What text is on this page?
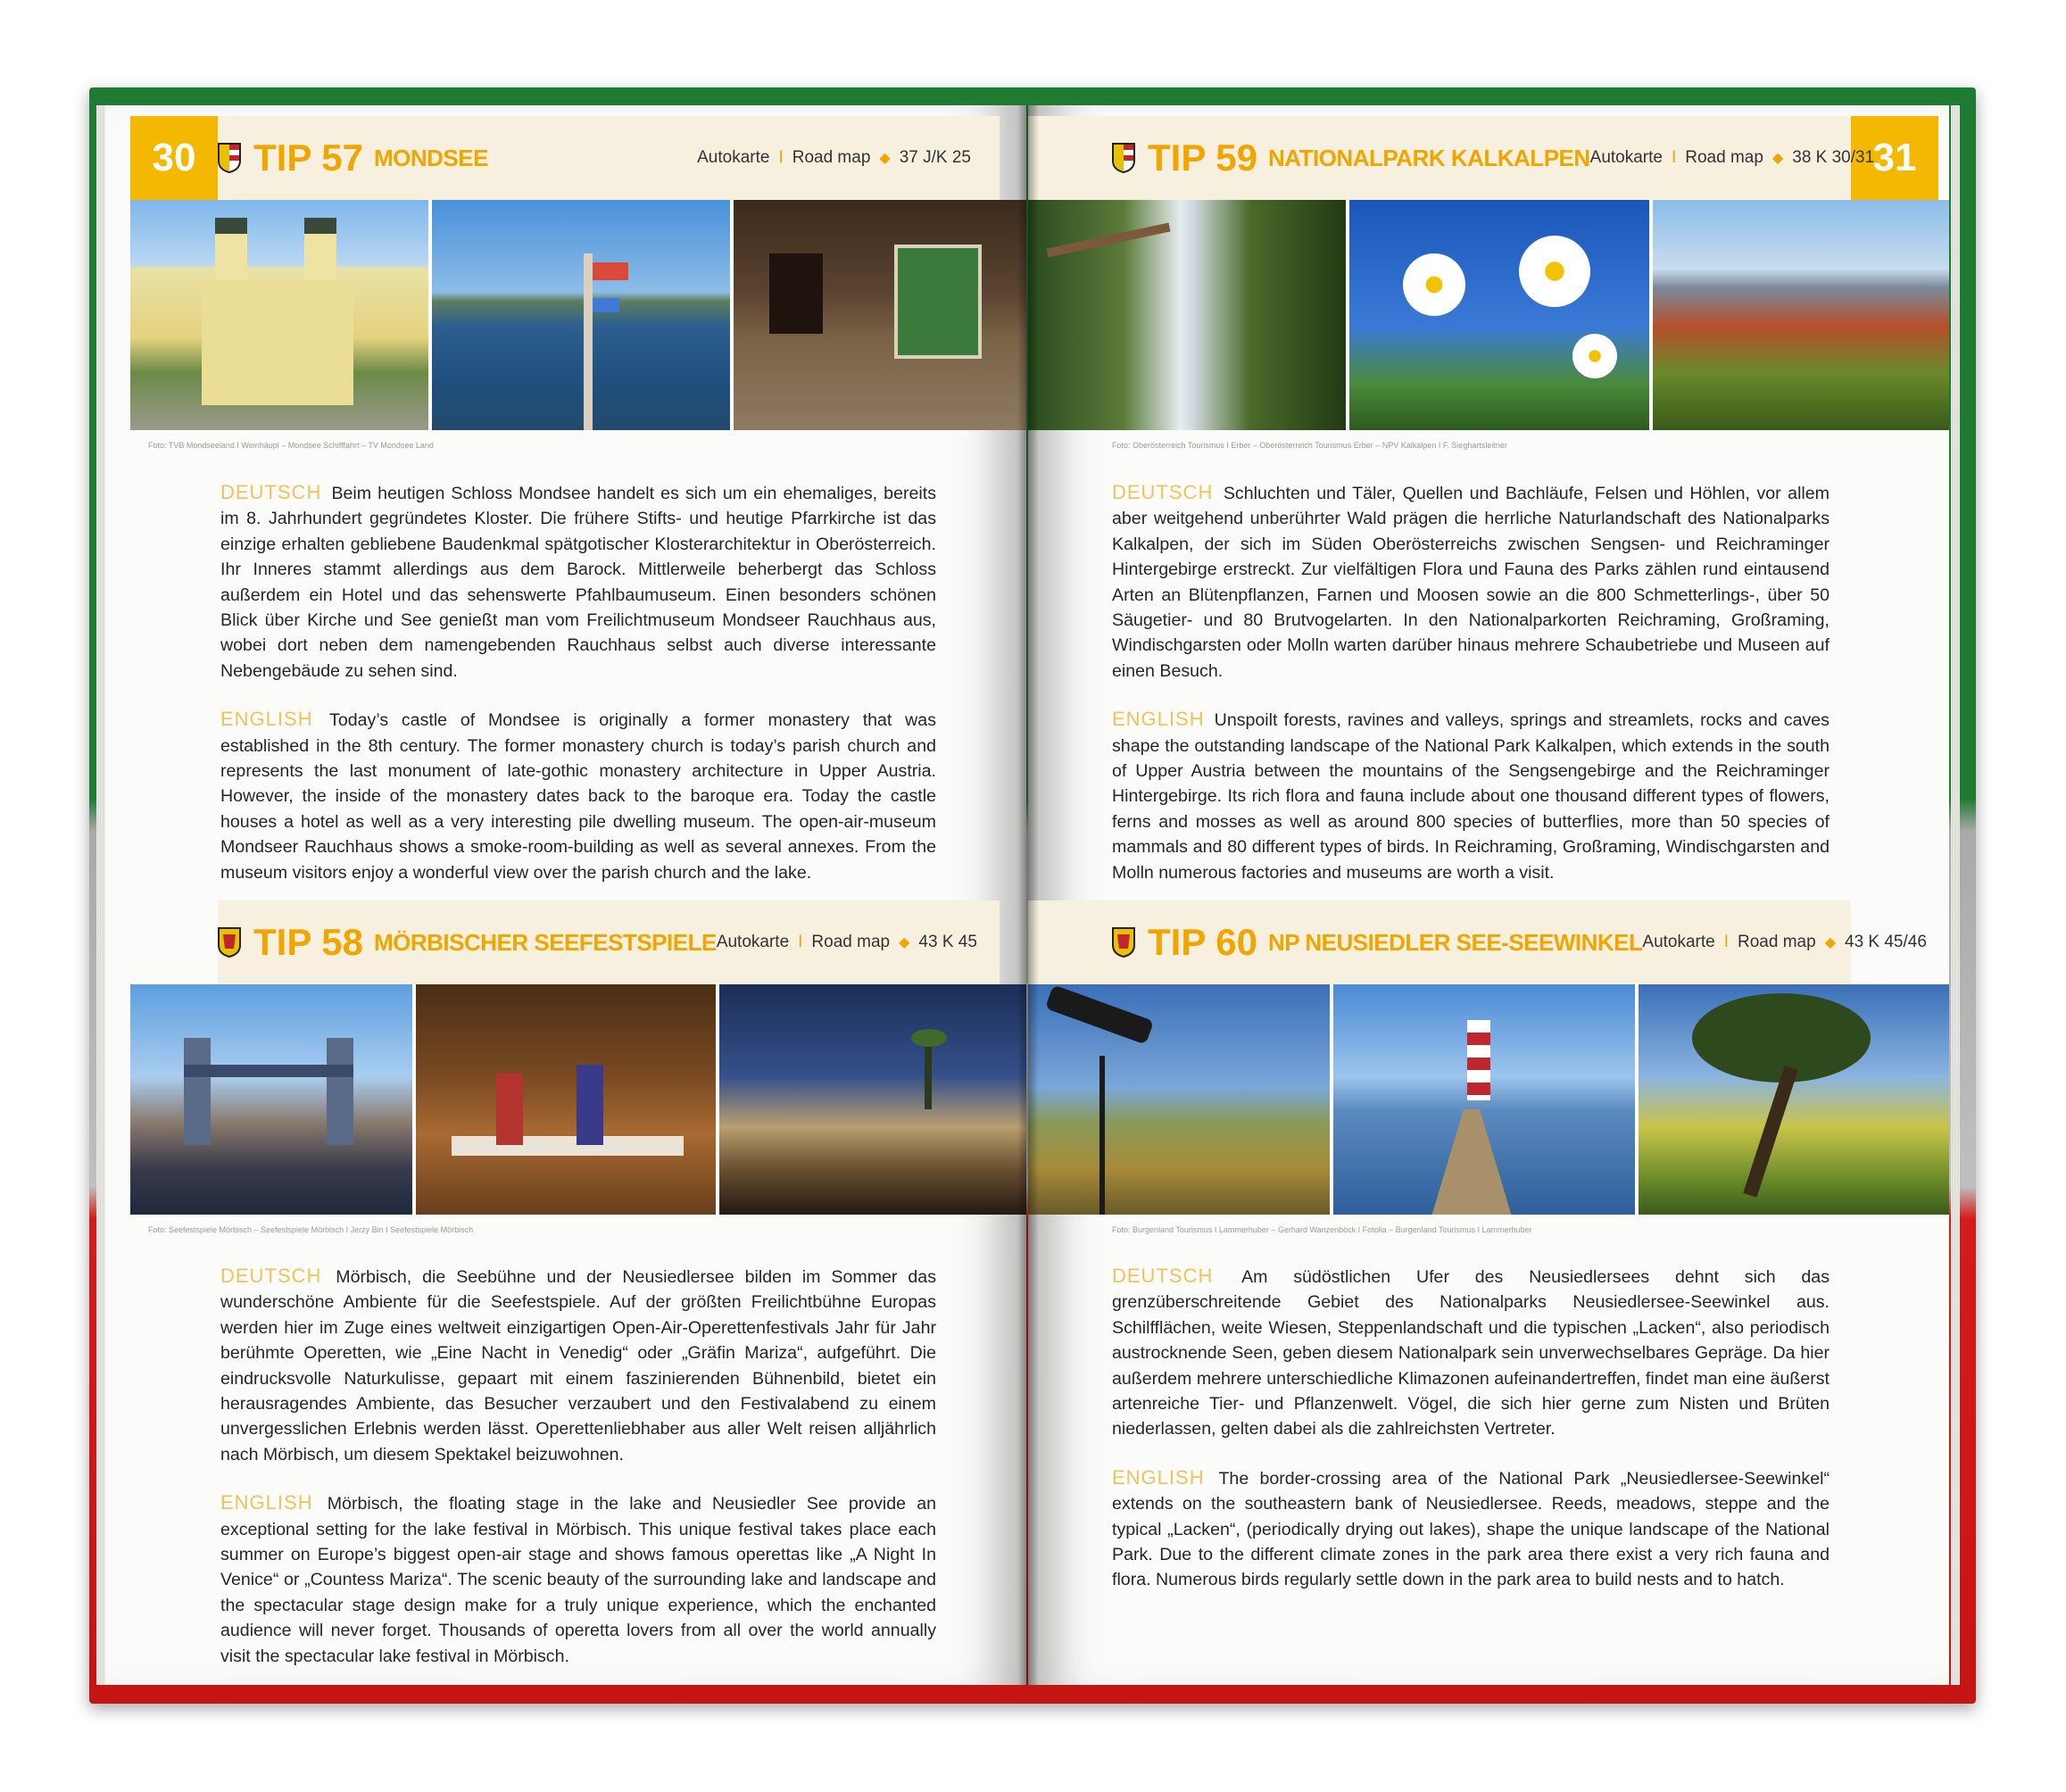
30	TIP 57 MONDSEE	Autokarte I Road map ◆ 37 J/K 25
Foto: TVB Mondseeland I Weinhäupl – Mondsee Schifffahrt – TV Mondsee Land

DEUTSCH Beim heutigen Schloss Mondsee handelt es sich um ein ehemaliges, bereits im 8. Jahrhundert gegründetes Kloster. Die frühere Stifts- und heutige Pfarrkirche ist das einzige erhalten gebliebene Baudenkmal spätgotischer Klosterarchitektur in Oberösterreich. Ihr Inneres stammt allerdings aus dem Barock. Mittlerweile beherbergt das Schloss außerdem ein Hotel und das sehenswerte Pfahlbaumuseum. Einen besonders schönen Blick über Kirche und See genießt man vom Freilichtmuseum Mondseer Rauchhaus aus, wobei dort neben dem namengebenden Rauchhaus selbst auch diverse interessante Nebengebäude zu sehen sind.

ENGLISH Today’s castle of Mondsee is originally a former monastery that was established in the 8th century. The former monastery church is today’s parish church and represents the last monument of late-gothic monastery architecture in Upper Austria. However, the inside of the monastery dates back to the baroque era. Today the castle houses a hotel as well as a very interesting pile dwelling museum. The open-air-museum Mondseer Rauchhaus shows a smoke-room-building as well as several annexes. From the museum visitors enjoy a wonderful view over the parish church and the lake.

TIP 58 MÖRBISCHER SEEFESTSPIELE Autokarte I Road map ◆ 43 K 45
Foto: Seefestspiele Mörbisch – Seefestspiele Mörbisch I Jerzy Bin I Seefestspiele Mörbisch

DEUTSCH Mörbisch, die Seebühne und der Neusiedlersee bilden im Sommer das wunderschöne Ambiente für die Seefestspiele. Auf der größten Freilichtbühne Europas werden hier im Zuge eines weltweit einzigartigen Open-Air-Operettenfestivals Jahr für Jahr berühmte Operetten, wie „Eine Nacht in Venedig“ oder „Gräfin Mariza“, aufgeführt. Die eindrucksvolle Naturkulisse, gepaart mit einem faszinierenden Bühnenbild, bietet ein herausragendes Ambiente, das Besucher verzaubert und den Festivalabend zu einem unvergesslichen Erlebnis werden lässt. Operettenliebhaber aus aller Welt reisen alljährlich nach Mörbisch, um diesem Spektakel beizuwohnen.

ENGLISH Mörbisch, the floating stage in the lake and Neusiedler See provide an exceptional setting for the lake festival in Mörbisch. This unique festival takes place each summer on Europe’s biggest open-air stage and shows famous operettas like „A Night In Venice“ or „Countess Mariza“. The scenic beauty of the surrounding lake and landscape and the spectacular stage design make for a truly unique experience, which the enchanted audience will never forget. Thousands of operetta lovers from all over the world annually visit the spectacular lake festival in Mörbisch.

31
TIP 59 NATIONALPARK KALKALPEN Autokarte I Road map ◆ 38 K 30/31
Foto: Oberösterreich Tourismus I Erber – Oberösterreich Tourismus Erber – NPV Kalkalpen I F. Sieghartsleitner

DEUTSCH Schluchten und Täler, Quellen und Bachläufe, Felsen und Höhlen, vor allem aber weitgehend unberührter Wald prägen die herrliche Naturlandschaft des Nationalparks Kalkalpen, der sich im Süden Oberösterreichs zwischen Sengsen- und Reichraminger Hintergebirge erstreckt. Zur vielfältigen Flora und Fauna des Parks zählen rund eintausend Arten an Blütenpflanzen, Farnen und Moosen sowie an die 800 Schmetterlings-, über 50 Säugetier- und 80 Brutvogelarten. In den Nationalparkorten Reichraming, Großraming, Windischgarsten oder Molln warten darüber hinaus mehrere Schaubetriebe und Museen auf einen Besuch.

ENGLISH Unspoilt forests, ravines and valleys, springs and streamlets, rocks and caves shape the outstanding landscape of the National Park Kalkalpen, which extends in the south of Upper Austria between the mountains of the Sengsengebirge and the Reichraminger Hintergebirge. Its rich flora and fauna include about one thousand different types of flowers, ferns and mosses as well as around 800 species of butterflies, more than 50 species of mammals and 80 different types of birds. In Reichraming, Großraming, Windischgarsten and Molln numerous factories and museums are worth a visit.

TIP 60 NP NEUSIEDLER SEE-SEEWINKEL Autokarte I Road map ◆ 43 K 45/46
Foto: Burgenland Tourismus I Lammerhuber – Gerhard Wanzenböck I Fotolia – Burgenland Tourismus I Lammerhuber

DEUTSCH Am südöstlichen Ufer des Neusiedlersees dehnt sich das grenzüberschreitende Gebiet des Nationalparks Neusiedlersee-Seewinkel aus. Schilfflächen, weite Wiesen, Steppenlandschaft und die typischen „Lacken“, also periodisch austrocknende Seen, geben diesem Nationalpark sein unverwechselbares Gepräge. Da hier außerdem mehrere unterschiedliche Klimazonen aufeinandertreffen, findet man eine äußerst artenreiche Tier- und Pflanzenwelt. Vögel, die sich hier gerne zum Nisten und Brüten niederlassen, gelten dabei als die zahlreichsten Vertreter.

ENGLISH The border-crossing area of the National Park „Neusiedlersee-Seewinkel“ extends on the southeastern bank of Neusiedlersee. Reeds, meadows, steppe and the typical „Lacken“, (periodically drying out lakes), shape the unique landscape of the National Park. Due to the different climate zones in the park area there exist a very rich fauna and flora. Numerous birds regularly settle down in the park area to build nests and to hatch.
